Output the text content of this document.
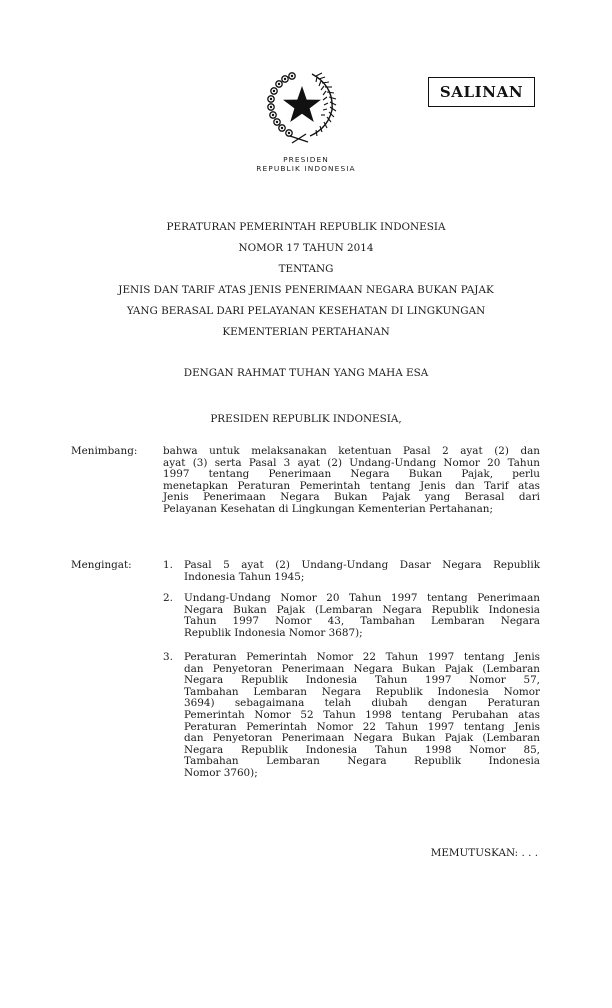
PRESIDEN
REPUBLIK INDONESIA
SALINAN
PERATURAN PEMERINTAH REPUBLIK INDONESIA
NOMOR 17 TAHUN 2014
TENTANG
JENIS DAN TARIF ATAS JENIS PENERIMAAN NEGARA BUKAN PAJAK
YANG BERASAL DARI PELAYANAN KESEHATAN DI LINGKUNGAN
KEMENTERIAN PERTAHANAN
DENGAN RAHMAT TUHAN YANG MAHA ESA
PRESIDEN REPUBLIK INDONESIA,
Menimbang: bahwa untuk melaksanakan ketentuan Pasal 2 ayat (2) dan
ayat (3) serta Pasal 3 ayat (2) Undang-Undang Nomor 20 Tahun
1997 tentang Penerimaan Negara Bukan Pajak, perlu
menetapkan Peraturan Pemerintah tentang Jenis dan Tarif atas
Jenis Penerimaan Negara Bukan Pajak yang Berasal dari
Pelayanan Kesehatan di Lingkungan Kementerian Pertahanan;
Mengingat:	1.	Pasal 5 ayat (2) Undang-Undang Dasar Negara Republik
Indonesia Tahun 1945;
2.	Undang-Undang Nomor 20 Tahun 1997 tentang Penerimaan
Negara Bukan Pajak (Lembaran Negara Republik Indonesia
Tahun 1997 Nomor 43, Tambahan Lembaran Negara
Republik Indonesia Nomor 3687);
3.	Peraturan Pemerintah Nomor 22 Tahun 1997 tentang Jenis
dan Penyetoran Penerimaan Negara Bukan Pajak (Lembaran
Negara Republik Indonesia Tahun 1997 Nomor 57,
Tambahan Lembaran Negara Republik Indonesia Nomor
3694) sebagaimana telah diubah dengan Peraturan
Pemerintah Nomor 52 Tahun 1998 tentang Perubahan atas
Peraturan Pemerintah Nomor 22 Tahun 1997 tentang Jenis
dan Penyetoran Penerimaan Negara Bukan Pajak (Lembaran
Negara Republik Indonesia Tahun 1998 Nomor 85,
Tambahan Lembaran Negara Republik Indonesia
Nomor 3760);
MEMUTUSKAN: . . .
